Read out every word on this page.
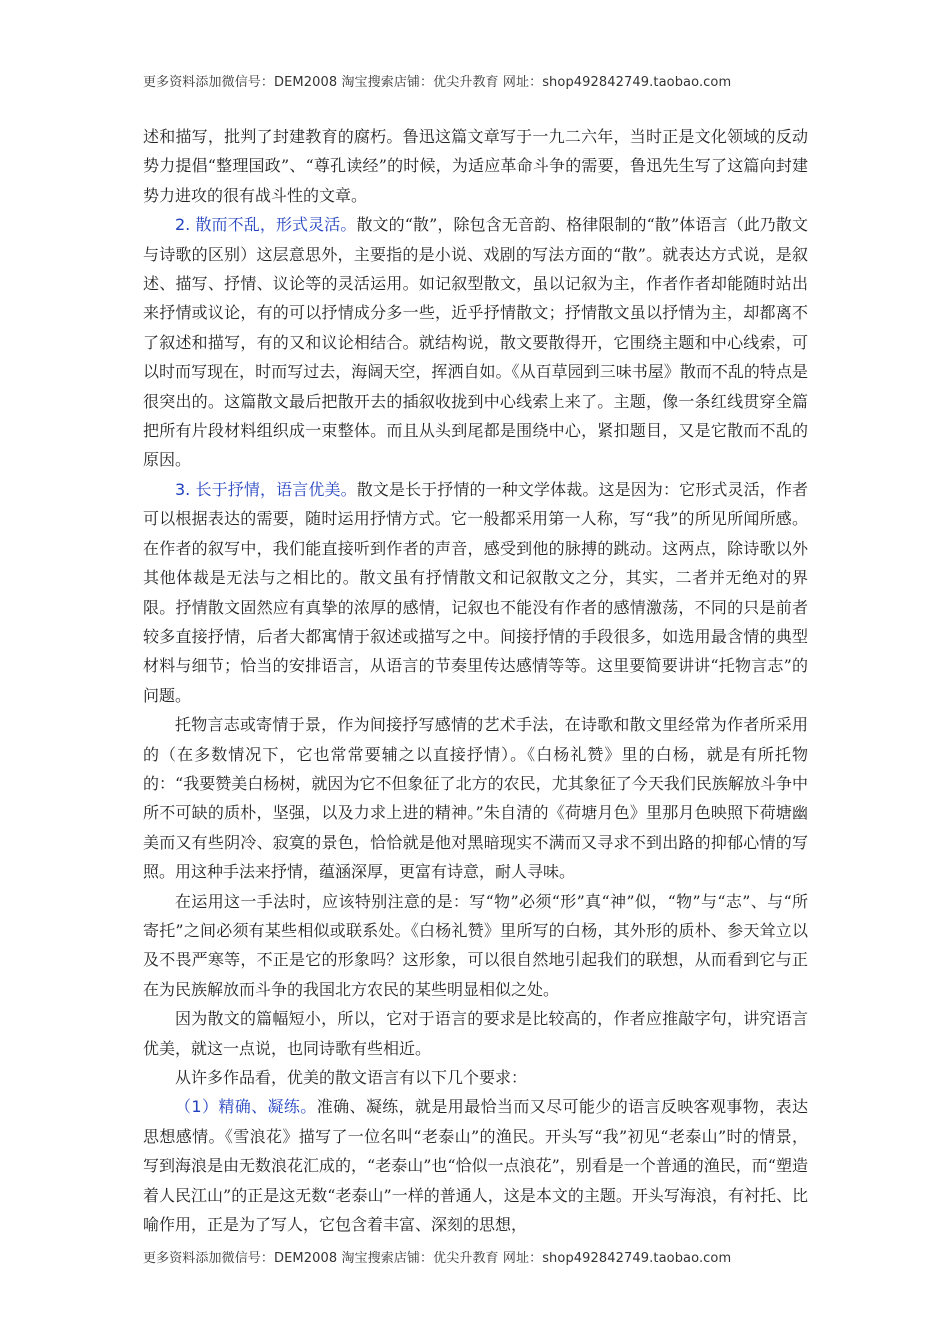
更多资料添加微信号：DEM2008 淘宝搜索店铺：优尖升教育 网址：shop492842749.taobao.com

述和描写，批判了封建教育的腐朽。鲁迅这篇文章写于一九二六年，当时正是文化领域的反动势力提倡“整理国政”、“尊孔读经”的时候，为适应革命斗争的需要，鲁迅先生写了这篇向封建势力进攻的很有战斗性的文章。

2. 散而不乱，形式灵活。散文的“散”，除包含无音韵、格律限制的“散”体语言（此乃散文与诗歌的区别）这层意思外，主要指的是小说、戏剧的写法方面的“散”。就表达方式说，是叙述、描写、抒情、议论等的灵活运用。如记叙型散文，虽以记叙为主，作者作者却能随时站出来抒情或议论，有的可以抒情成分多一些，近乎抒情散文；抒情散文虽以抒情为主，却都离不了叙述和描写，有的又和议论相结合。就结构说，散文要散得开，它围绕主题和中心线索，可以时而写现在，时而写过去，海阔天空，挥洒自如。《从百草园到三味书屋》散而不乱的特点是很突出的。这篇散文最后把散开去的插叙收拢到中心线索上来了。主题，像一条红线贯穿全篇把所有片段材料组织成一束整体。而且从头到尾都是围绕中心，紧扣题目，又是它散而不乱的原因。

3. 长于抒情，语言优美。散文是长于抒情的一种文学体裁。这是因为：它形式灵活，作者可以根据表达的需要，随时运用抒情方式。它一般都采用第一人称，写“我”的所见所闻所感。在作者的叙写中，我们能直接听到作者的声音，感受到他的脉搏的跳动。这两点，除诗歌以外其他体裁是无法与之相比的。散文虽有抒情散文和记叙散文之分，其实，二者并无绝对的界限。抒情散文固然应有真挚的浓厚的感情，记叙也不能没有作者的感情激荡，不同的只是前者较多直接抒情，后者大都寓情于叙述或描写之中。间接抒情的手段很多，如选用最含情的典型材料与细节；恰当的安排语言，从语言的节奏里传达感情等等。这里要简要讲讲“托物言志”的问题。

托物言志或寄情于景，作为间接抒写感情的艺术手法，在诗歌和散文里经常为作者所采用的（在多数情况下，它也常常要辅之以直接抒情）。《白杨礼赞》里的白杨，就是有所托物的：“我要赞美白杨树，就因为它不但象征了北方的农民，尤其象征了今天我们民族解放斗争中所不可缺的质朴，坚强，以及力求上进的精神。”朱自清的《荷塘月色》里那月色映照下荷塘幽美而又有些阴冷、寂寞的景色，恰恰就是他对黑暗现实不满而又寻求不到出路的抑郁心情的写照。用这种手法来抒情，蕴涵深厚，更富有诗意，耐人寻味。

在运用这一手法时，应该特别注意的是：写“物”必须“形”真“神”似，“物”与“志”、与“所寄托”之间必须有某些相似或联系处。《白杨礼赞》里所写的白杨，其外形的质朴、参天耸立以及不畏严寒等，不正是它的形象吗？这形象，可以很自然地引起我们的联想，从而看到它与正在为民族解放而斗争的我国北方农民的某些明显相似之处。

因为散文的篇幅短小，所以，它对于语言的要求是比较高的，作者应推敲字句，讲究语言优美，就这一点说，也同诗歌有些相近。

从许多作品看，优美的散文语言有以下几个要求：

（1）精确、凝练。准确、凝练，就是用最恰当而又尽可能少的语言反映客观事物，表达思想感情。《雪浪花》描写了一位名叫“老泰山”的渔民。开头写“我”初见“老泰山”时的情景，写到海浪是由无数浪花汇成的，“老泰山”也“恰似一点浪花”，别看是一个普通的渔民，而“塑造着人民江山”的正是这无数“老泰山”一样的普通人，这是本文的主题。开头写海浪，有衬托、比喻作用，正是为了写人，它包含着丰富、深刻的思想，

更多资料添加微信号：DEM2008 淘宝搜索店铺：优尖升教育 网址：shop492842749.taobao.com
